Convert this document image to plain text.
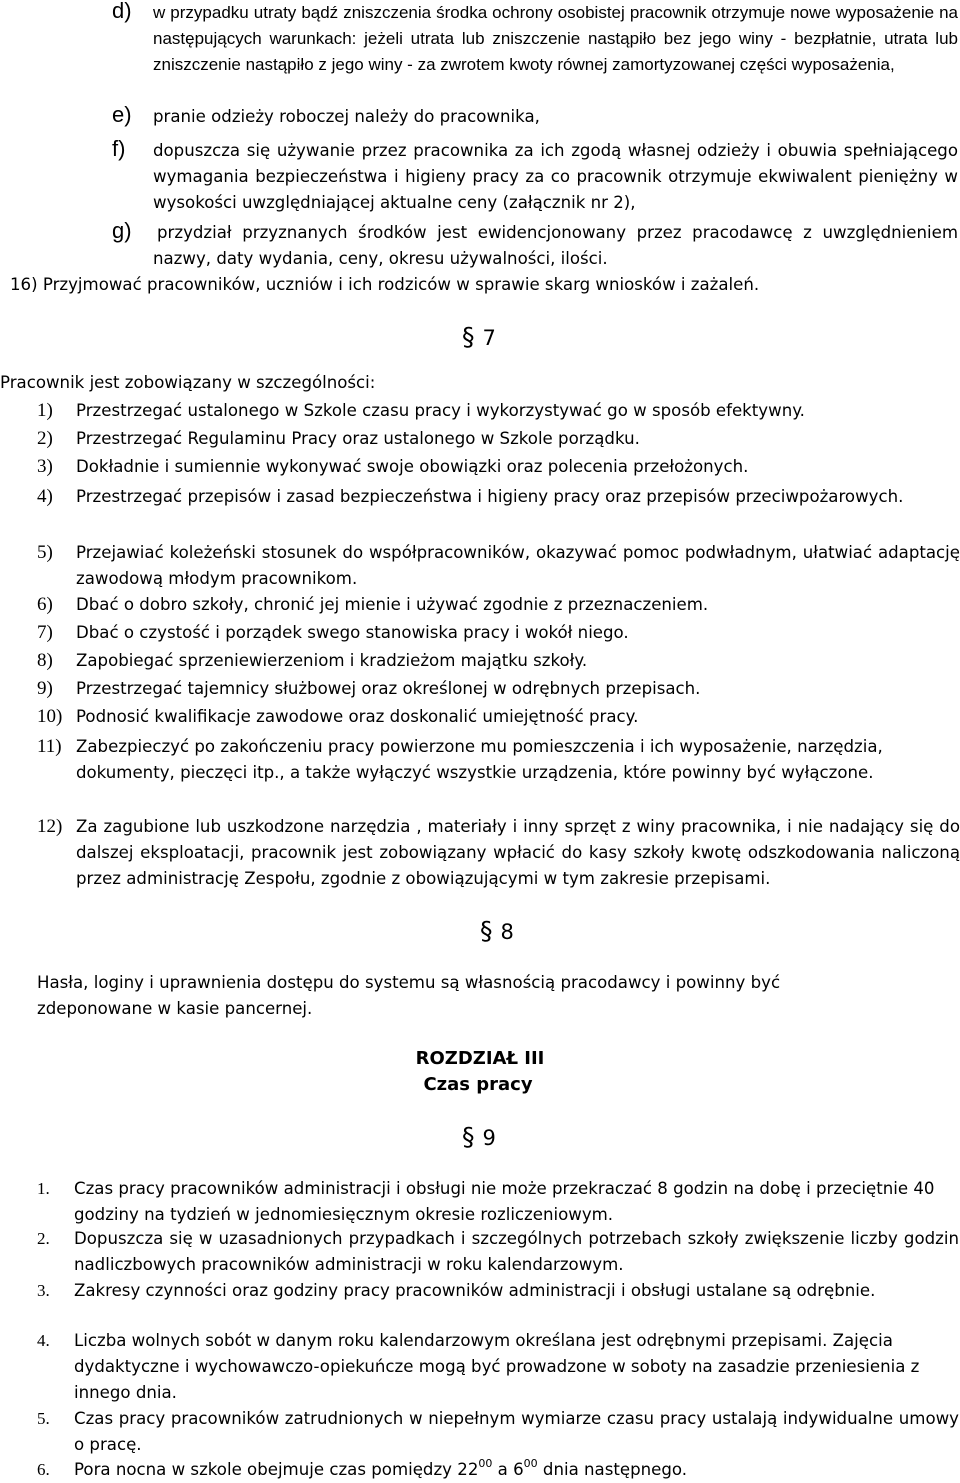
d) w przypadku utraty bądź zniszczenia środka ochrony osobistej pracownik otrzymuje nowe wyposażenie na następujących warunkach: jeżeli utrata lub zniszczenie nastąpiło bez jego winy - bezpłatnie, utrata lub zniszczenie nastąpiło z jego winy - za zwrotem kwoty równej zamortyzowanej części wyposażenia,
e) pranie odzieży roboczej należy do pracownika,
f) dopuszcza się używanie przez pracownika za ich zgodą własnej odzieży i obuwia spełniającego wymagania bezpieczeństwa i higieny pracy za co pracownik otrzymuje ekwiwalent pieniężny w wysokości uwzględniającej aktualne ceny (załącznik nr 2),
g) przydział przyznanych środków jest ewidencjonowany przez pracodawcę z uwzględnieniem nazwy, daty wydania, ceny, okresu używalności, ilości.
16) Przyjmować pracowników, uczniów i ich rodziców w sprawie skarg wniosków i zażaleń.
§ 7
Pracownik jest zobowiązany w szczególności:
1) Przestrzegać ustalonego w Szkole czasu pracy i wykorzystywać go w sposób efektywny.
2) Przestrzegać Regulaminu Pracy oraz ustalonego w Szkole porządku.
3) Dokładnie i sumiennie wykonywać swoje obowiązki oraz polecenia przełożonych.
4) Przestrzegać przepisów i zasad bezpieczeństwa i higieny pracy oraz przepisów przeciwpożarowych.
5) Przejawiać koleżeński stosunek do współpracowników, okazywać pomoc podwładnym, ułatwiać adaptację zawodową młodym pracownikom.
6) Dbać o dobro szkoły, chronić jej mienie i używać zgodnie z przeznaczeniem.
7) Dbać o czystość i porządek swego stanowiska pracy i wokół niego.
8) Zapobiegać sprzeniewierzeniom i kradzieżom majątku szkoły.
9) Przestrzegać tajemnicy służbowej oraz określonej w odrębnych przepisach.
10) Podnosić kwalifikacje zawodowe oraz doskonalić umiejętność pracy.
11) Zabezpieczyć po zakończeniu pracy powierzone mu pomieszczenia i ich wyposażenie, narzędzia, dokumenty, pieczęci itp., a także wyłączyć wszystkie urządzenia, które powinny być wyłączone.
12) Za zagubione lub uszkodzone narzędzia , materiały i inny sprzęt z winy pracownika, i nie nadający się do dalszej eksploatacji, pracownik jest zobowiązany wpłacić do kasy szkoły kwotę odszkodowania naliczoną przez administrację Zespołu, zgodnie z obowiązującymi w tym zakresie przepisami.
§ 8
Hasła, loginy i uprawnienia dostępu do systemu są własnością pracodawcy i powinny być zdeponowane w kasie pancernej.
ROZDZIAŁ III
Czas pracy
§ 9
1. Czas pracy pracowników administracji i obsługi nie może przekraczać 8 godzin na dobę i przeciętnie 40 godziny na tydzień w jednomiesięcznym okresie rozliczeniowym.
2. Dopuszcza się w uzasadnionych przypadkach i szczególnych potrzebach szkoły zwiększenie liczby godzin nadliczbowych pracowników administracji w roku kalendarzowym.
3. Zakresy czynności oraz godziny pracy pracowników administracji i obsługi ustalane są odrębnie.
4. Liczba wolnych sobót w danym roku kalendarzowym określana jest odrębnymi przepisami. Zajęcia dydaktyczne i wychowawczo-opiekuńcze mogą być prowadzone w soboty na zasadzie przeniesienia z innego dnia.
5. Czas pracy pracowników zatrudnionych w niepełnym wymiarze czasu pracy ustalają indywidualne umowy o pracę.
6. Pora nocna w szkole obejmuje czas pomiędzy $22^{00}$ a $6^{00}$ dnia następnego.
